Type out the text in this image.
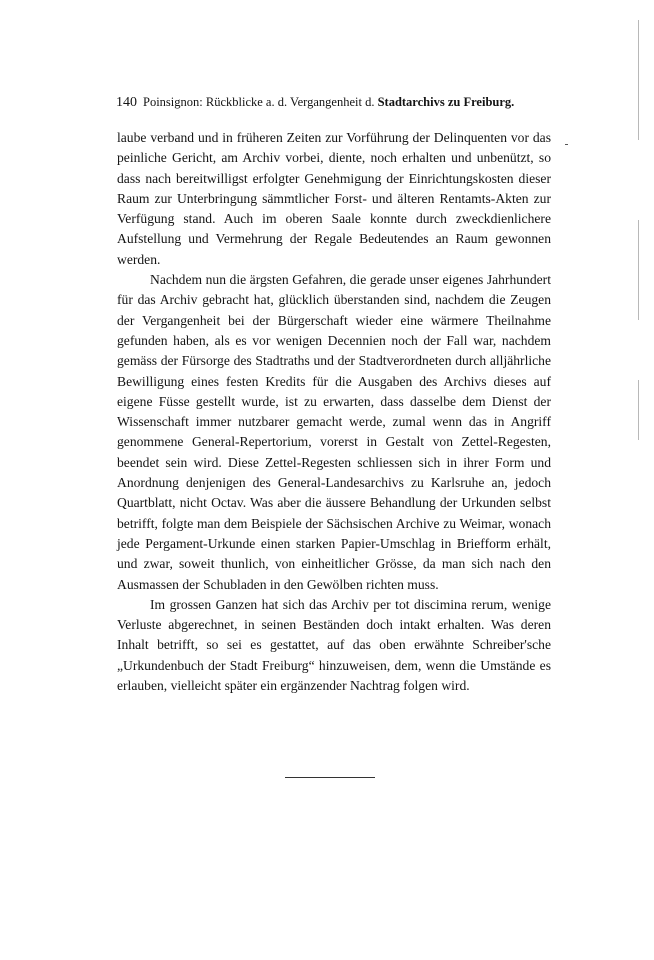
140 Poinsignon: Rückblicke a. d. Vergangenheit d. Stadtarchivs zu Freiburg.

laube verband und in früheren Zeiten zur Vorführung der Delinquenten vor das peinliche Gericht, am Archiv vorbei, diente, noch erhalten und unbenützt, so dass nach bereitwilligst erfolgter Genehmigung der Einrichtungskosten dieser Raum zur Unterbringung sämmtlicher Forst- und älteren Rentamts-Akten zur Verfügung stand. Auch im oberen Saale konnte durch zweckdienlichere Aufstellung und Vermehrung der Regale Bedeutendes an Raum gewonnen werden.

Nachdem nun die ärgsten Gefahren, die gerade unser eigenes Jahrhundert für das Archiv gebracht hat, glücklich überstanden sind, nachdem die Zeugen der Vergangenheit bei der Bürgerschaft wieder eine wärmere Theilnahme gefunden haben, als es vor wenigen Decennien noch der Fall war, nachdem gemäss der Fürsorge des Stadtraths und der Stadtverordneten durch alljährliche Bewilligung eines festen Kredits für die Ausgaben des Archivs dieses auf eigene Füsse gestellt wurde, ist zu erwarten, dass dasselbe dem Dienst der Wissenschaft immer nutzbarer gemacht werde, zumal wenn das in Angriff genommene General-Repertorium, vorerst in Gestalt von Zettel-Regesten, beendet sein wird. Diese Zettel-Regesten schliessen sich in ihrer Form und Anordnung denjenigen des General-Landesarchivs zu Karlsruhe an, jedoch Quartblatt, nicht Octav. Was aber die äussere Behandlung der Urkunden selbst betrifft, folgte man dem Beispiele der Sächsischen Archive zu Weimar, wonach jede Pergament-Urkunde einen starken Papier-Umschlag in Briefform erhält, und zwar, soweit thunlich, von einheitlicher Grösse, da man sich nach den Ausmassen der Schubladen in den Gewölben richten muss.

Im grossen Ganzen hat sich das Archiv per tot discimina rerum, wenige Verluste abgerechnet, in seinen Beständen doch intakt erhalten. Was deren Inhalt betrifft, so sei es gestattet, auf das oben erwähnte Schreiber'sche „Urkundenbuch der Stadt Freiburg“ hinzuweisen, dem, wenn die Umstände es erlauben, vielleicht später ein ergänzender Nachtrag folgen wird.
